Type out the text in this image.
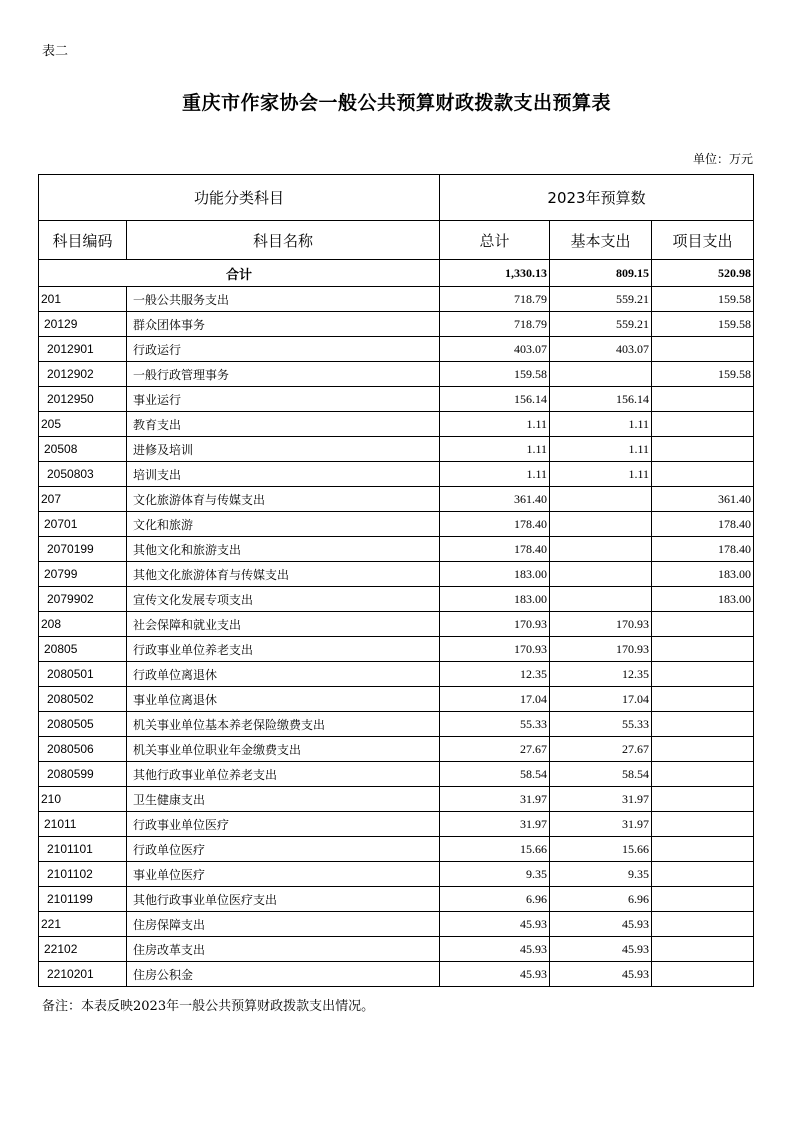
表二
重庆市作家协会一般公共预算财政拨款支出预算表
单位：万元
功能分类科目		2023年预算数		
科目编码	科目名称	总计	基本支出	项目支出
合计		1,330.13	809.15	520.98
201	一般公共服务支出	718.79	559.21	159.58
20129	群众团体事务	718.79	559.21	159.58
2012901	行政运行	403.07	403.07	
2012902	一般行政管理事务	159.58		159.58
2012950	事业运行	156.14	156.14	
205	教育支出	1.11	1.11	
20508	进修及培训	1.11	1.11	
2050803	培训支出	1.11	1.11	
207	文化旅游体育与传媒支出	361.40		361.40
20701	文化和旅游	178.40		178.40
2070199	其他文化和旅游支出	178.40		178.40
20799	其他文化旅游体育与传媒支出	183.00		183.00
2079902	宣传文化发展专项支出	183.00		183.00
208	社会保障和就业支出	170.93	170.93	
20805	行政事业单位养老支出	170.93	170.93	
2080501	行政单位离退休	12.35	12.35	
2080502	事业单位离退休	17.04	17.04	
2080505	机关事业单位基本养老保险缴费支出	55.33	55.33	
2080506	机关事业单位职业年金缴费支出	27.67	27.67	
2080599	其他行政事业单位养老支出	58.54	58.54	
210	卫生健康支出	31.97	31.97	
21011	行政事业单位医疗	31.97	31.97	
2101101	行政单位医疗	15.66	15.66	
2101102	事业单位医疗	9.35	9.35	
2101199	其他行政事业单位医疗支出	6.96	6.96	
221	住房保障支出	45.93	45.93	
22102	住房改革支出	45.93	45.93	
2210201	住房公积金	45.93	45.93	
备注：本表反映2023年一般公共预算财政拨款支出情况。
